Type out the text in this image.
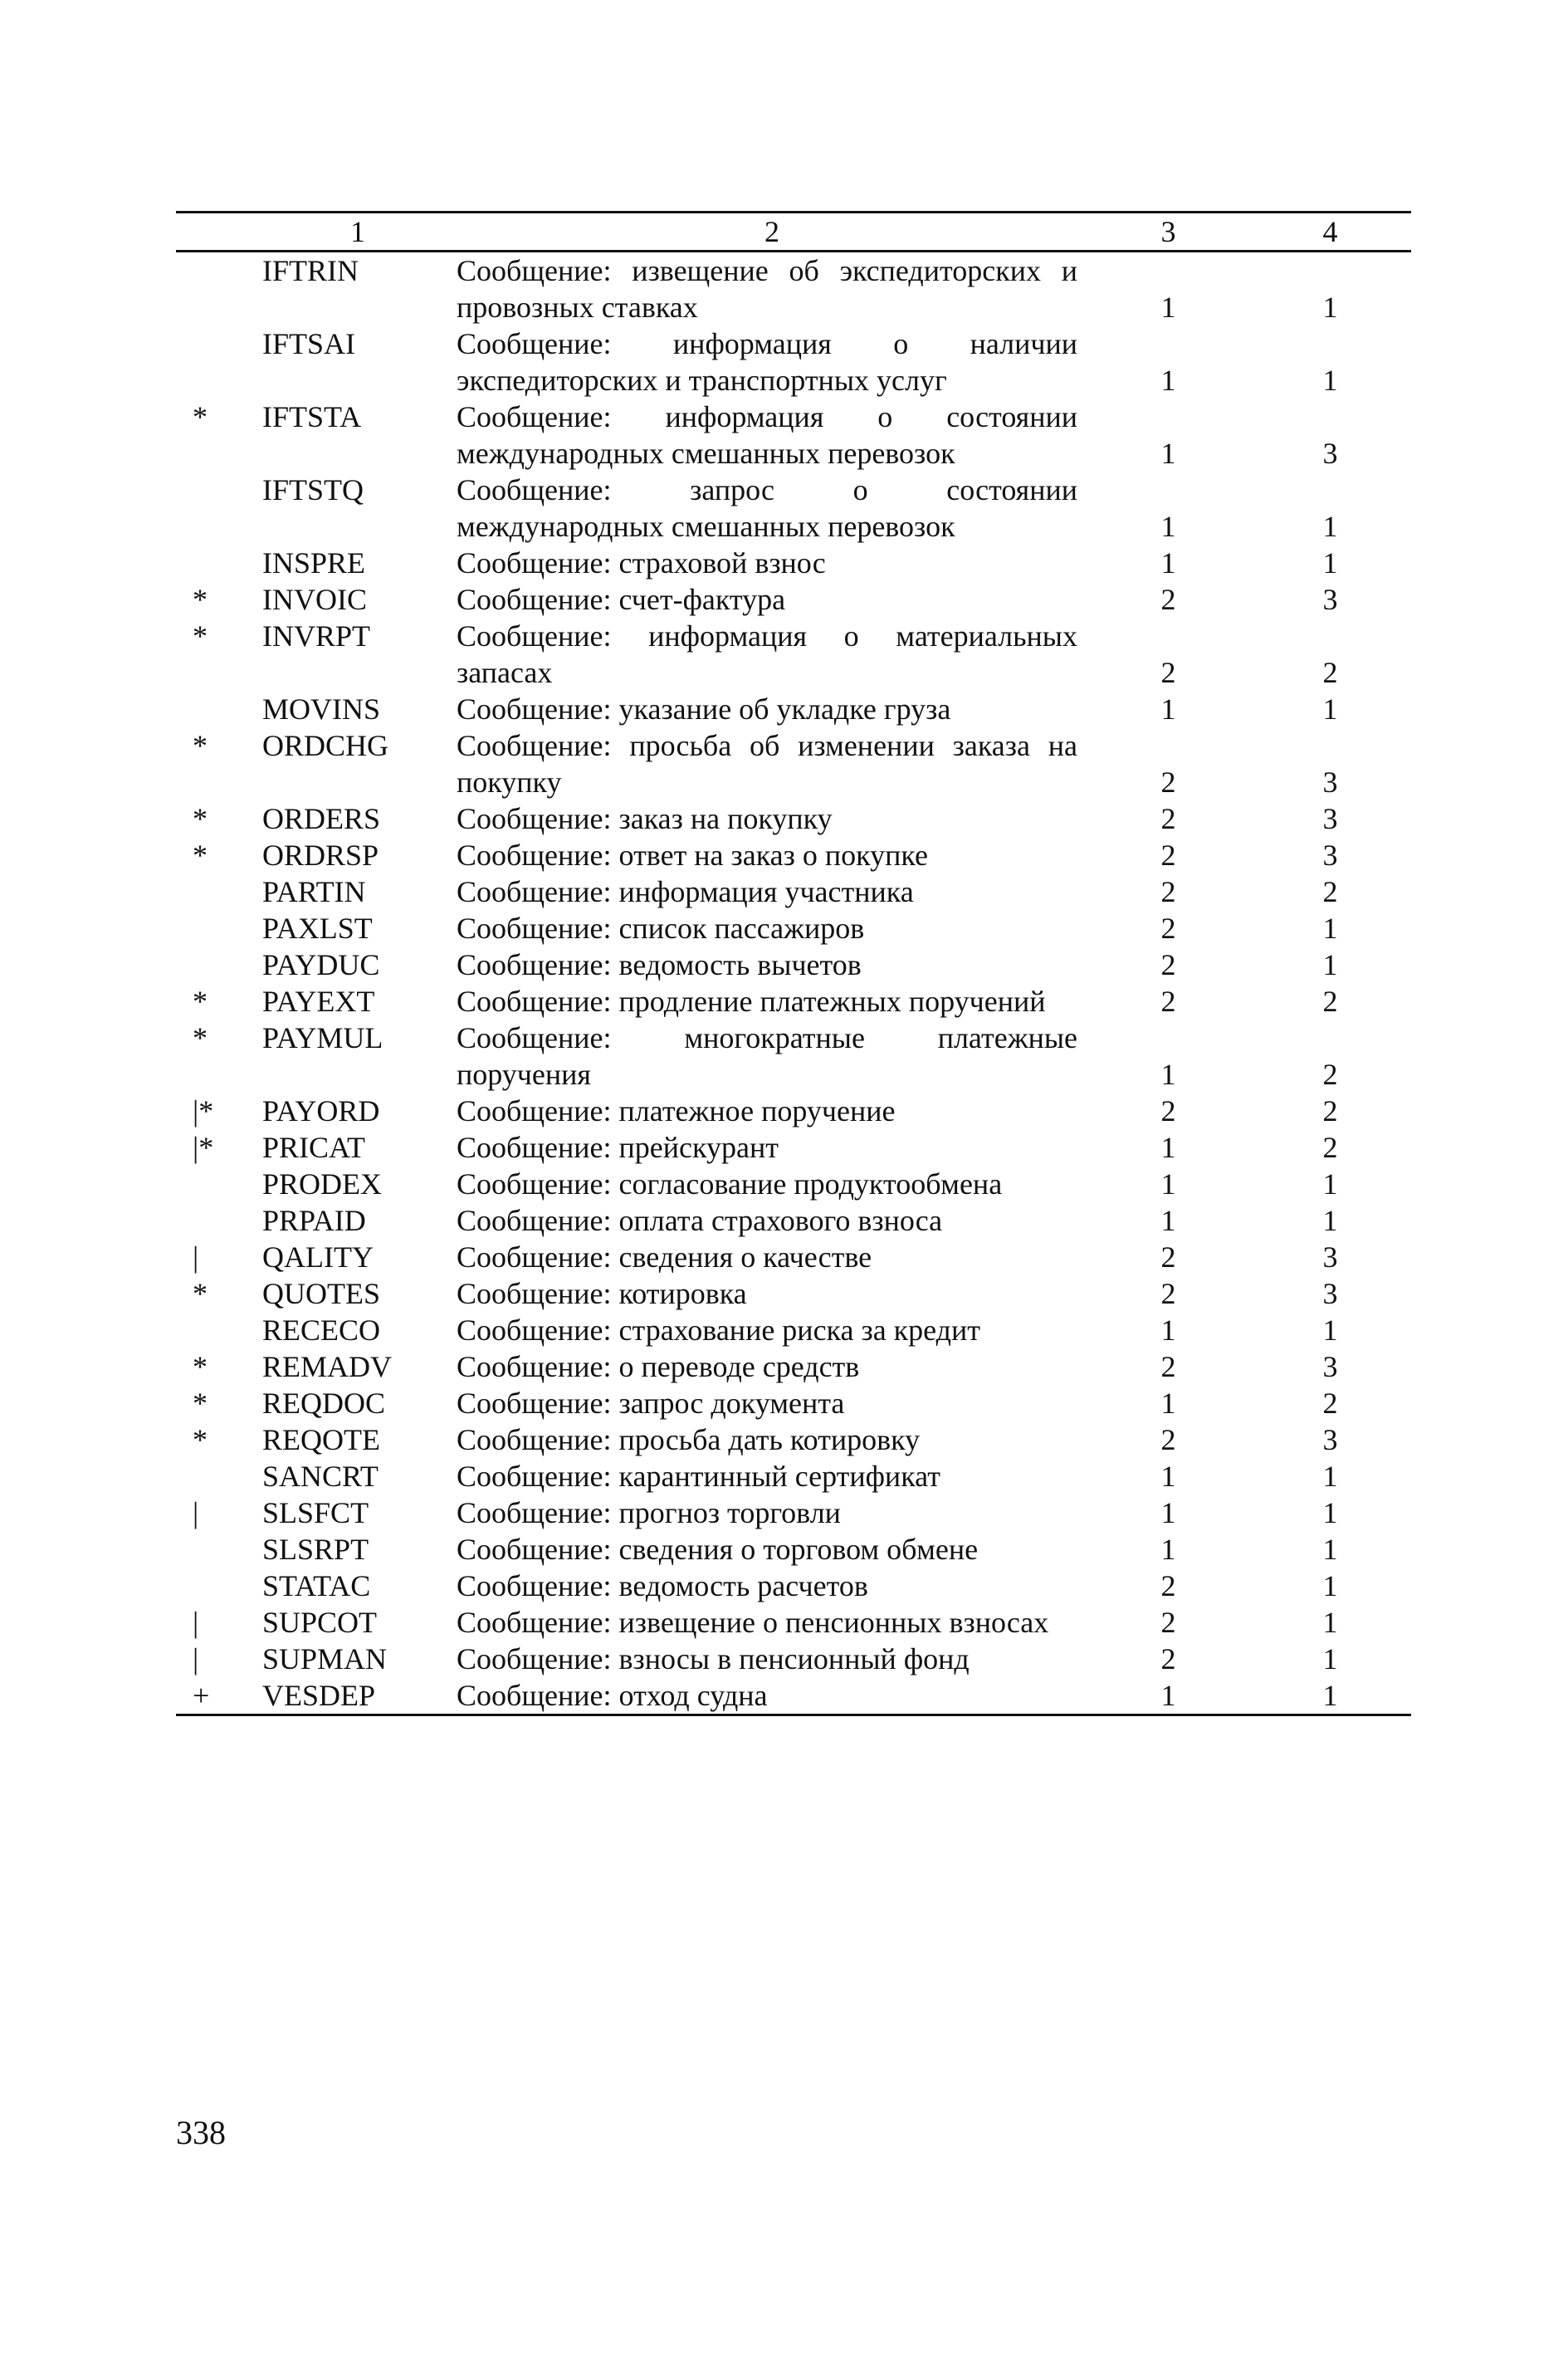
	1	2	3	4
	IFTRIN	Сообщение: извещение об экспедиторских и провозных ставках	1	1
	IFTSAI	Сообщение: информация о наличии экспедиторских и транспортных услуг	1	1
*	IFTSTA	Сообщение: информация о состоянии международных смешанных перевозок	1	3
	IFTSTQ	Сообщение: запрос о состоянии международных смешанных перевозок	1	1
	INSPRE	Сообщение: страховой взнос	1	1
*	INVOIC	Сообщение: счет-фактура	2	3
*	INVRPT	Сообщение: информация о материальных запасах	2	2
	MOVINS	Сообщение: указание об укладке груза	1	1
*	ORDCHG	Сообщение: просьба об изменении заказа на покупку	2	3
*	ORDERS	Сообщение: заказ на покупку	2	3
*	ORDRSP	Сообщение: ответ на заказ о покупке	2	3
	PARTIN	Сообщение: информация участника	2	2
	PAXLST	Сообщение: список пассажиров	2	1
	PAYDUC	Сообщение: ведомость вычетов	2	1
*	PAYEXT	Сообщение: продление платежных поручений	2	2
*	PAYMUL	Сообщение: многократные платежные поручения	1	2
|*	PAYORD	Сообщение: платежное поручение	2	2
|*	PRICAT	Сообщение: прейскурант	1	2
	PRODEX	Сообщение: согласование продуктообмена	1	1
	PRPAID	Сообщение: оплата страхового взноса	1	1
|	QALITY	Сообщение: сведения о качестве	2	3
*	QUOTES	Сообщение: котировка	2	3
	RECECO	Сообщение: страхование риска за кредит	1	1
*	REMADV	Сообщение: о переводе средств	2	3
*	REQDOC	Сообщение: запрос документа	1	2
*	REQOTE	Сообщение: просьба дать котировку	2	3
	SANCRT	Сообщение: карантинный сертификат	1	1
|	SLSFCT	Сообщение: прогноз торговли	1	1
	SLSRPT	Сообщение: сведения о торговом обмене	1	1
	STATAC	Сообщение: ведомость расчетов	2	1
|	SUPCOT	Сообщение: извещение о пенсионных взносах	2	1
|	SUPMAN	Сообщение: взносы в пенсионный фонд	2	1
+	VESDEP	Сообщение: отход судна	1	1
338
